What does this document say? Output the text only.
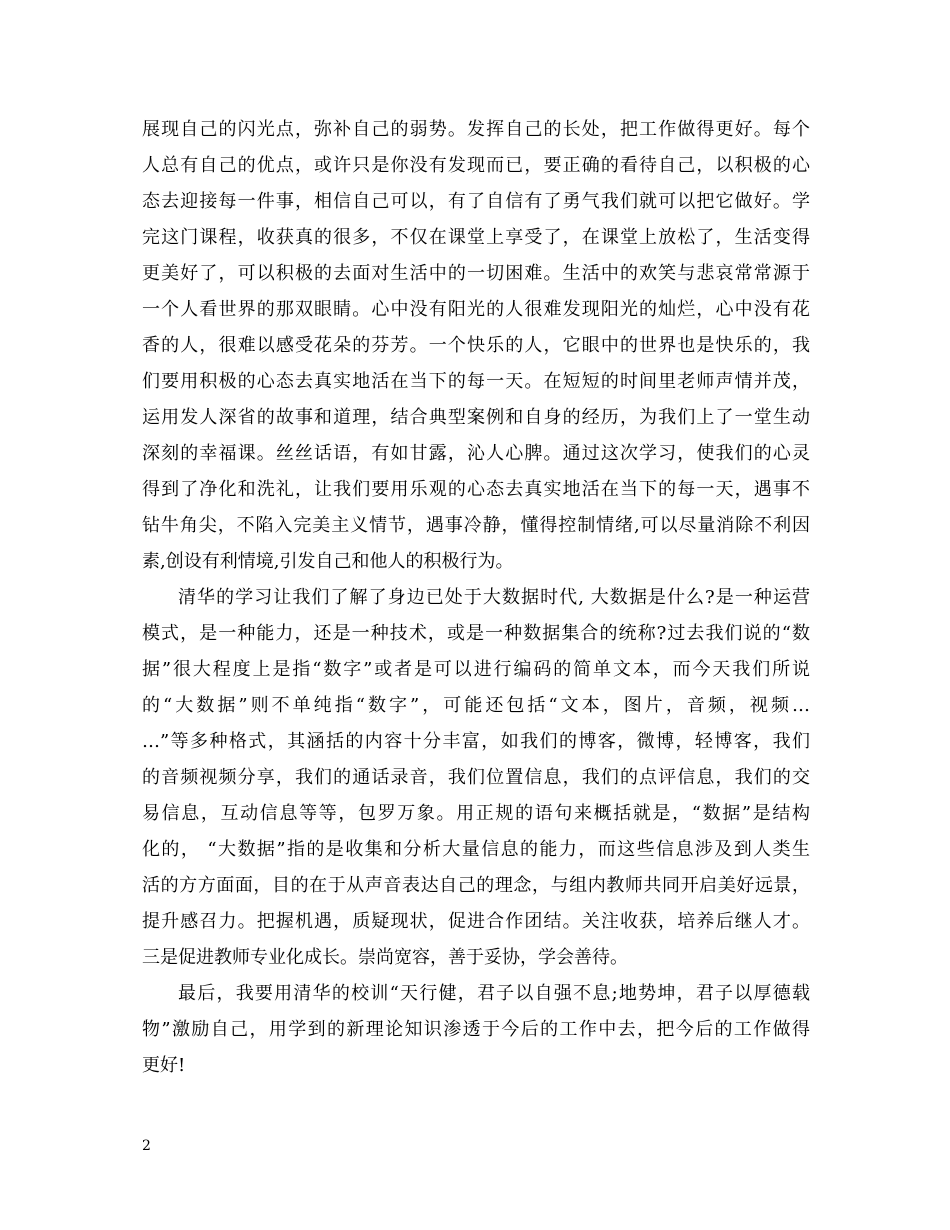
展现自己的闪光点，弥补自己的弱势。发挥自己的长处，把工作做得更好。每个
人总有自己的优点，或许只是你没有发现而已，要正确的看待自己，以积极的心
态去迎接每一件事，相信自己可以，有了自信有了勇气我们就可以把它做好。学
完这门课程，收获真的很多，不仅在课堂上享受了，在课堂上放松了，生活变得
更美好了，可以积极的去面对生活中的一切困难。生活中的欢笑与悲哀常常源于
一个人看世界的那双眼睛。心中没有阳光的人很难发现阳光的灿烂，心中没有花
香的人，很难以感受花朵的芬芳。一个快乐的人，它眼中的世界也是快乐的，我
们要用积极的心态去真实地活在当下的每一天。在短短的时间里老师声情并茂，
运用发人深省的故事和道理，结合典型案例和自身的经历，为我们上了一堂生动
深刻的幸福课。丝丝话语，有如甘露，沁人心脾。通过这次学习，使我们的心灵
得到了净化和洗礼，让我们要用乐观的心态去真实地活在当下的每一天，遇事不
钻牛角尖，不陷入完美主义情节，遇事冷静，懂得控制情绪,可以尽量消除不利因
素,创设有利情境,引发自己和他人的积极行为。
清华的学习让我们了解了身边已处于大数据时代, 大数据是什么?是一种运营
模式，是一种能力，还是一种技术，或是一种数据集合的统称?过去我们说的“数
据”很大程度上是指“数字”或者是可以进行编码的简单文本，而今天我们所说
的“大数据”则不单纯指“数字”，可能还包括“文本，图片，音频，视频…
…”等多种格式，其涵括的内容十分丰富，如我们的博客，微博，轻博客，我们
的音频视频分享，我们的通话录音，我们位置信息，我们的点评信息，我们的交
易信息，互动信息等等，包罗万象。用正规的语句来概括就是，“数据”是结构
化的， “大数据”指的是收集和分析大量信息的能力，而这些信息涉及到人类生
活的方方面面，目的在于从声音表达自己的理念，与组内教师共同开启美好远景，
提升感召力。把握机遇，质疑现状，促进合作团结。关注收获，培养后继人才。
三是促进教师专业化成长。崇尚宽容，善于妥协，学会善待。
最后，我要用清华的校训“天行健，君子以自强不息;地势坤，君子以厚德载
物”激励自己，用学到的新理论知识渗透于今后的工作中去，把今后的工作做得
更好!
2
